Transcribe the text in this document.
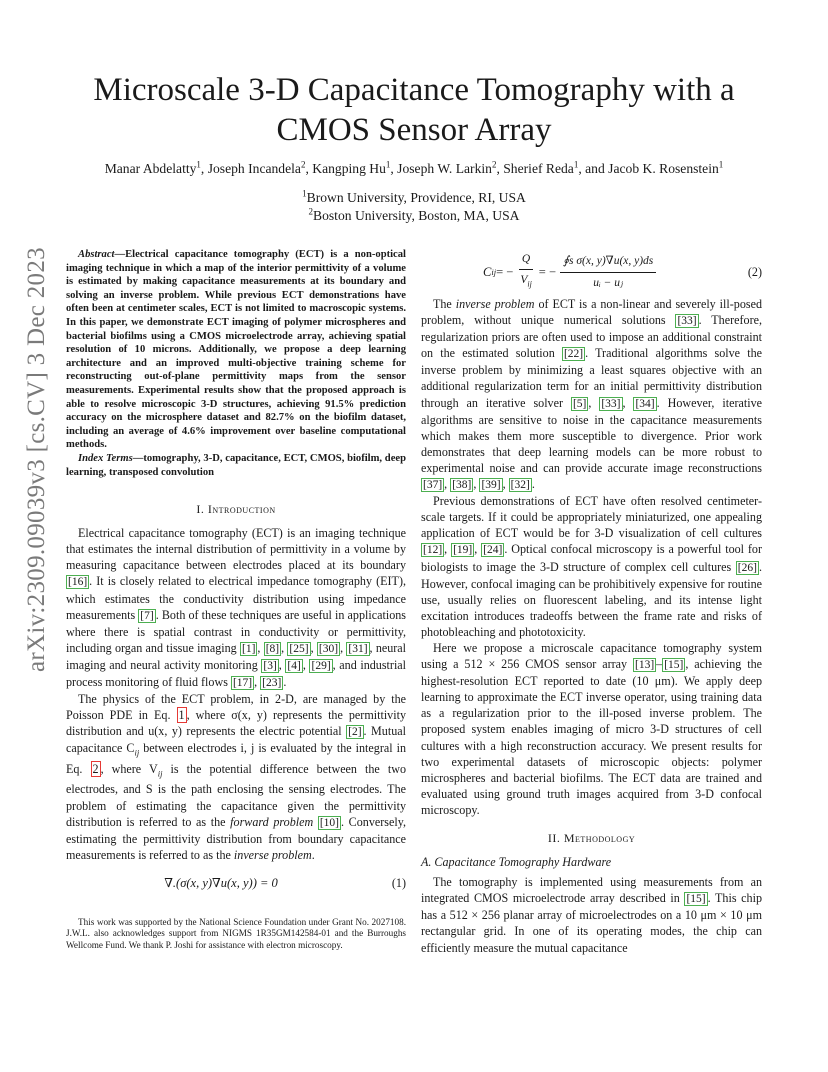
arXiv:2309.09039v3 [cs.CV] 3 Dec 2023
Microscale 3-D Capacitance Tomography with a
CMOS Sensor Array
Manar Abdelatty$^1$, Joseph Incandela$^2$, Kangping Hu$^1$, Joseph W. Larkin$^2$, Sherief Reda$^1$, and Jacob K. Rosenstein$^1$
$^1$Brown University, Providence, RI, USA
$^2$Boston University, Boston, MA, USA

Abstract—Electrical capacitance tomography (ECT) is a non-optical imaging technique in which a map of the interior permittivity of a volume is estimated by making capacitance measurements at its boundary and solving an inverse problem. While previous ECT demonstrations have often been at centimeter scales, ECT is not limited to macroscopic systems. In this paper, we demonstrate ECT imaging of polymer microspheres and bacterial biofilms using a CMOS microelectrode array, achieving spatial resolution of 10 microns. Additionally, we propose a deep learning architecture and an improved multi-objective training scheme for reconstructing out-of-plane permittivity maps from the sensor measurements. Experimental results show that the proposed approach is able to resolve microscopic 3-D structures, achieving 91.5% prediction accuracy on the microsphere dataset and 82.7% on the biofilm dataset, including an average of 4.6% improvement over baseline computational methods.

Index Terms—tomography, 3-D, capacitance, ECT, CMOS, biofilm, deep learning, transposed convolution

I. Introduction

Electrical capacitance tomography (ECT) is an imaging technique that estimates the internal distribution of permittivity in a volume by measuring capacitance between electrodes placed at its boundary [16] . It is closely related to electrical impedance tomography (EIT), which estimates the conductivity distribution using impedance measurements [7] . Both of these techniques are useful in applications where there is spatial contrast in conductivity or permittivity, including organ and tissue imaging [1] , [8] , [25] , [30] , [31] , neural imaging and neural activity monitoring [3] , [4] , [29] , and industrial process monitoring of fluid flows [17] , [23] .

The physics of the ECT problem, in 2-D, are managed by the Poisson PDE in Eq. 1 , where σ(x, y) represents the permittivity distribution and u(x, y) represents the electric potential [2] . Mutual capacitance $C_{ij}$ between electrodes i, j is evaluated by the integral in Eq. 2 , where $V_{ij}$ is the potential difference between the two electrodes, and S is the path enclosing the sensing electrodes. The problem of estimating the capacitance given the permittivity distribution is referred to as the forward problem [10] . Conversely, estimating the permittivity distribution from boundary capacitance measurements is referred to as the inverse problem.

∇.(σ(x, y)∇u(x, y)) = 0	(1)

This work was supported by the National Science Foundation under Grant No. 2027108. J.W.L. also acknowledges support from NIGMS 1R35GM142584-01 and the Burroughs Wellcome Fund. We thank P. Joshi for assistance with electron microscopy.

C ij = − $\frac{Q}{V_{ij}}$ = − $\frac{\text{∮s σ(x, y)∇u(x, y)ds}}{\text{uᵢ − uⱼ}}$	(2)

The inverse problem of ECT is a non-linear and severely ill-posed problem, without unique numerical solutions [33] . Therefore, regularization priors are often used to impose an additional constraint on the estimated solution [22] . Traditional algorithms solve the inverse problem by minimizing a least squares objective with an additional regularization term for an initial permittivity distribution through an iterative solver [5] , [33] , [34] . However, iterative algorithms are sensitive to noise in the capacitance measurements which makes them more susceptible to divergence. Prior work demonstrates that deep learning models can be more robust to experimental noise and can provide accurate image reconstructions [37] , [38] , [39] , [32] .

Previous demonstrations of ECT have often resolved centimeter-scale targets. If it could be appropriately miniaturized, one appealing application of ECT would be for 3-D visualization of cell cultures [12] , [19] , [24] . Optical confocal microscopy is a powerful tool for biologists to image the 3-D structure of complex cell cultures [26] . However, confocal imaging can be prohibitively expensive for routine use, usually relies on fluorescent labeling, and its intense light excitation introduces tradeoffs between the frame rate and risks of photobleaching and phototoxicity.

Here we propose a microscale capacitance tomography system using a 512 × 256 CMOS sensor array [13] – [15] , achieving the highest-resolution ECT reported to date (10 μm). We apply deep learning to approximate the ECT inverse operator, using training data as a regularization prior to the ill-posed inverse problem. The proposed system enables imaging of micro 3-D structures of cell cultures with a high reconstruction accuracy. We present results for two experimental datasets of microscopic objects: polymer microspheres and bacterial biofilms. The ECT data are trained and evaluated using ground truth images acquired from 3-D confocal microscopy.

II. Methodology
A. Capacitance Tomography Hardware

The tomography is implemented using measurements from an integrated CMOS microelectrode array described in [15] . This chip has a 512 × 256 planar array of microelectrodes on a 10 μm × 10 μm rectangular grid. In one of its operating modes, the chip can efficiently measure the mutual capacitance
